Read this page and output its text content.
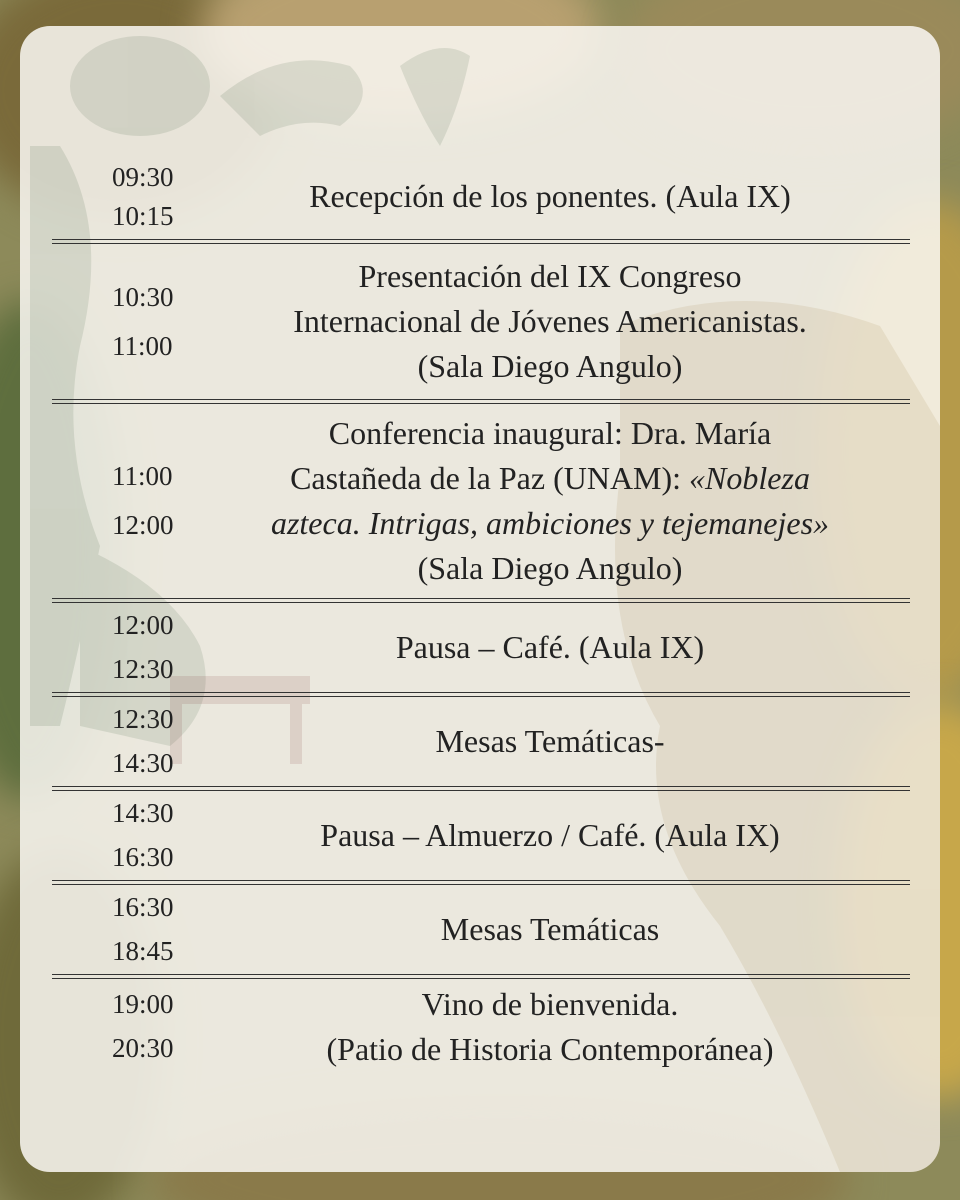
09:30
10:15
Recepción de los ponentes. (Aula IX)
10:30
11:00
Presentación del IX Congreso
Internacional de Jóvenes Americanistas.
(Sala Diego Angulo)
11:00
12:00
Conferencia inaugural: Dra. María
Castañeda de la Paz (UNAM): «Nobleza
azteca. Intrigas, ambiciones y tejemanejes»
(Sala Diego Angulo)
12:00
12:30
Pausa – Café. (Aula IX)
12:30
14:30
Mesas Temáticas-
14:30
16:30
Pausa – Almuerzo / Café. (Aula IX)
16:30
18:45
Mesas Temáticas
19:00
20:30
Vino de bienvenida.
(Patio de Historia Contemporánea)
